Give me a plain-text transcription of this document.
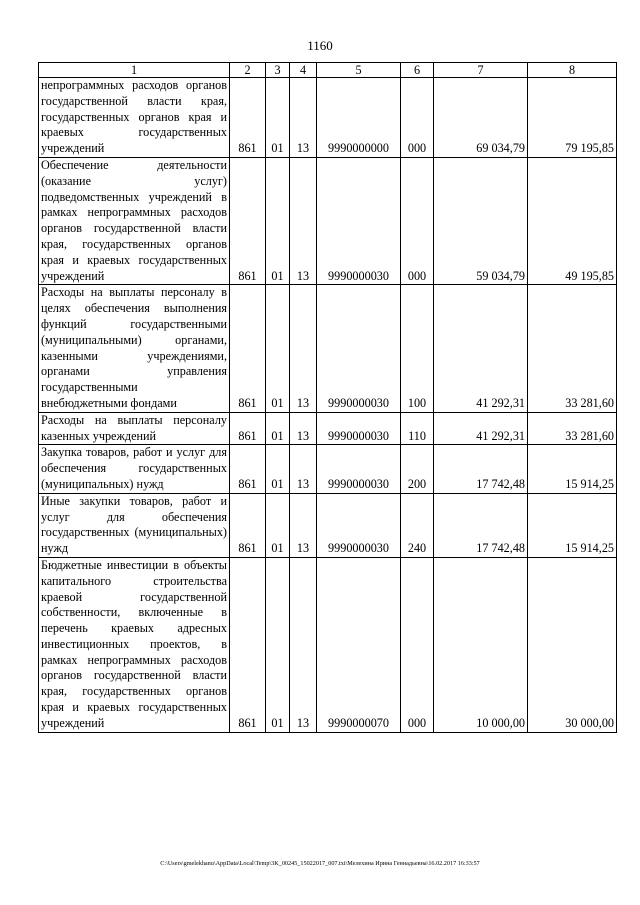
1160
1	2	3	4	5	6	7	8
непрограммных расходов органов государственной власти края, государственных органов края и краевых государственных учреждений	861	01	13	9990000000	000	69 034,79	79 195,85
Обеспечение деятельности (оказание услуг) подведомственных учреждений в рамках непрограммных расходов органов государственной власти края, государственных органов края и краевых государственных учреждений	861	01	13	9990000030	000	59 034,79	49 195,85
Расходы на выплаты персоналу в целях обеспечения выполнения функций государственными (муниципальными) органами, казенными учреждениями, органами управления государственными внебюджетными фондами	861	01	13	9990000030	100	41 292,31	33 281,60
Расходы на выплаты персоналу казенных учреждений	861	01	13	9990000030	110	41 292,31	33 281,60
Закупка товаров, работ и услуг для обеспечения государственных (муниципальных) нужд	861	01	13	9990000030	200	17 742,48	15 914,25
Иные закупки товаров, работ и услуг для обеспечения государственных (муниципальных) нужд	861	01	13	9990000030	240	17 742,48	15 914,25
Бюджетные инвестиции в объекты капитального строительства краевой государственной собственности, включенные в перечень краевых адресных инвестиционных проектов, в рамках непрограммных расходов органов государственной власти края, государственных органов края и краевых государственных учреждений	861	01	13	9990000070	000	10 000,00	30 000,00
C:\Users\gmelekhanu\AppData\Local\Temp\3K_00245_15022017_007.txt\Мелехина Ирина Геннадьевна\16.02.2017 16:33:57
